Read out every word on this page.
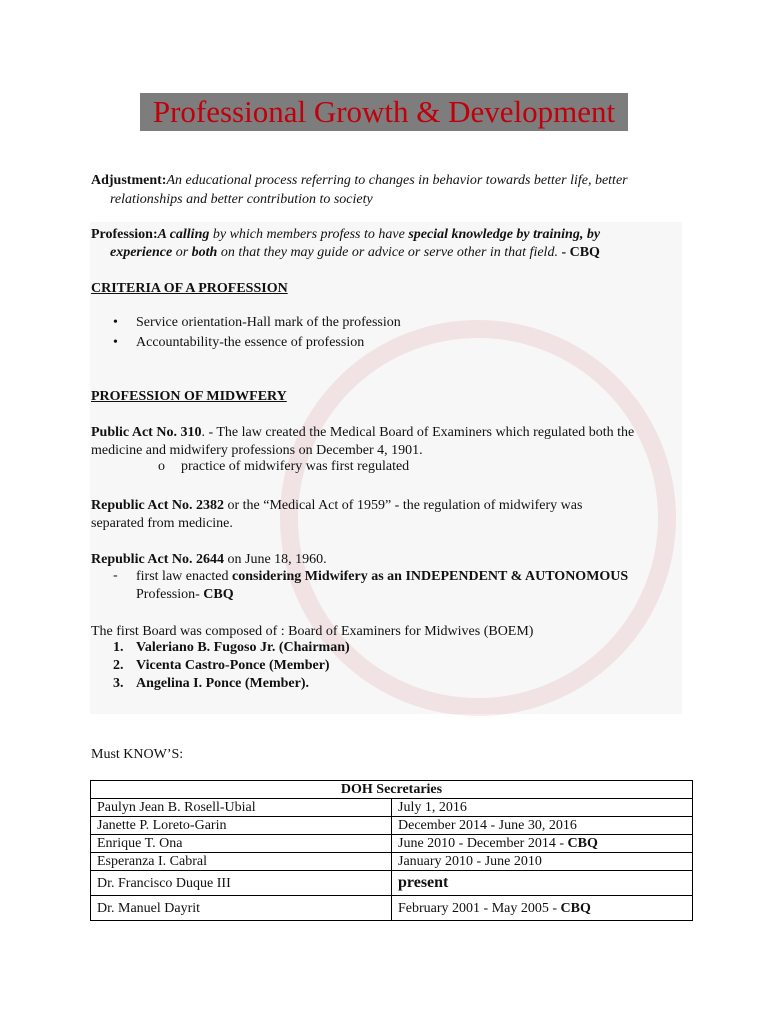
Professional Growth & Development
Adjustment:An educational process referring to changes in behavior towards better life, better
relationships and better contribution to society
Profession:A calling by which members profess to have special knowledge by training, by
experience or both on that they may guide or advice or serve other in that field. - CBQ
CRITERIA OF A PROFESSION
• Service orientation-Hall mark of the profession
• Accountability-the essence of profession
PROFESSION OF MIDWFERY
Public Act No. 310. - The law created the Medical Board of Examiners which regulated both the
medicine and midwifery professions on December 4, 1901.
o practice of midwifery was first regulated
Republic Act No. 2382 or the “Medical Act of 1959” - the regulation of midwifery was
separated from medicine.
Republic Act No. 2644 on June 18, 1960.
- first law enacted considering Midwifery as an INDEPENDENT & AUTONOMOUS
Profession- CBQ
The first Board was composed of : Board of Examiners for Midwives (BOEM)
1. Valeriano B. Fugoso Jr. (Chairman)
2. Vicenta Castro-Ponce (Member)
3. Angelina I. Ponce (Member).
Must KNOW’S:
DOH Secretaries	
Paulyn Jean B. Rosell-Ubial	July 1, 2016
Janette P. Loreto-Garin	December 2014 - June 30, 2016
Enrique T. Ona	June 2010 - December 2014 - CBQ
Esperanza I. Cabral	January 2010 - June 2010
Dr. Francisco Duque III	present
Dr. Manuel Dayrit	February 2001 - May 2005 - CBQ
